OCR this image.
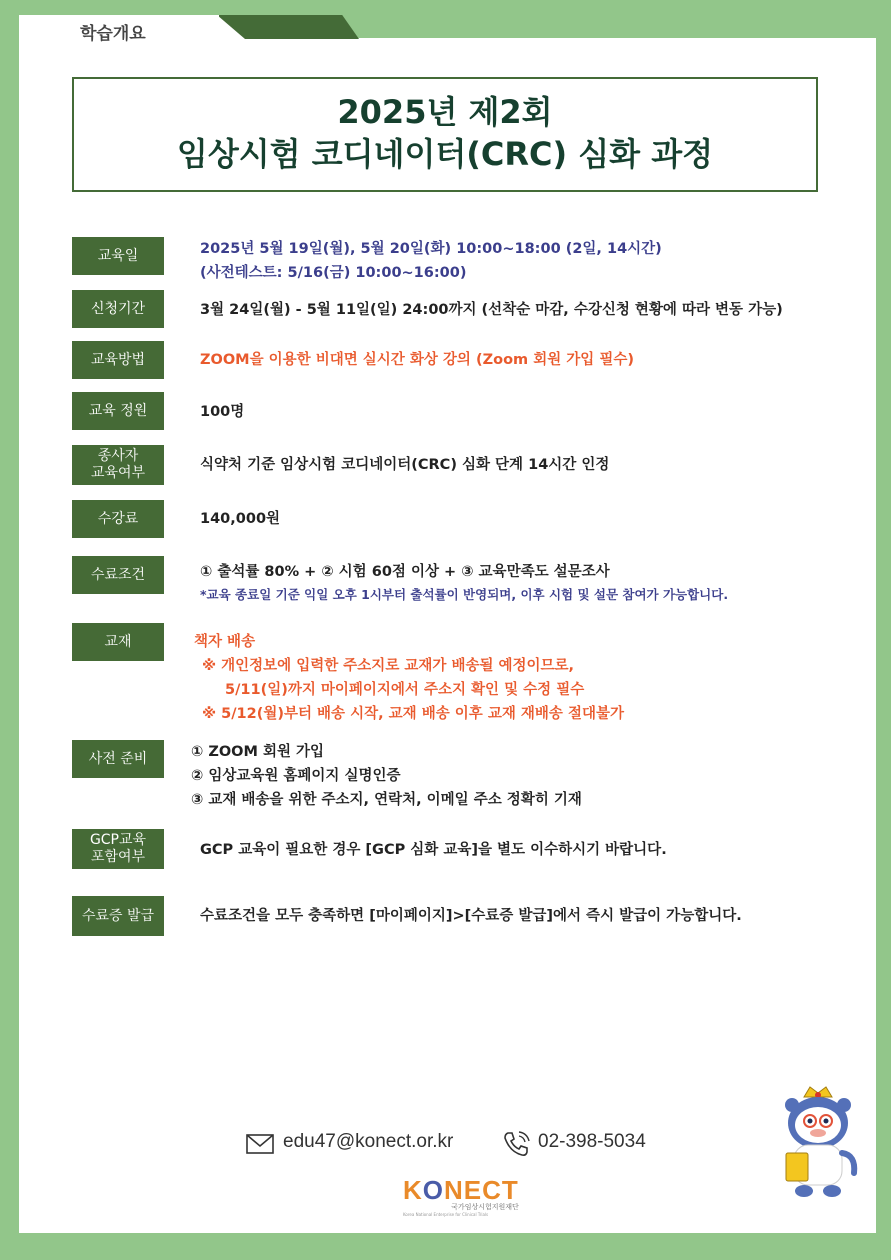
학습개요
2025년 제2회
임상시험 코디네이터(CRC) 심화 과정
교육일	2025년 5월 19일(월), 5월 20일(화) 10:00~18:00 (2일, 14시간)
(사전테스트: 5/16(금) 10:00~16:00)
신청기간	3월 24일(월) - 5월 11일(일) 24:00까지 (선착순 마감, 수강신청 현황에 따라 변동 가능)
교육방법	ZOOM을 이용한 비대면 실시간 화상 강의 (Zoom 회원 가입 필수)
교육 정원	100명
종사자
교육여부	식약처 기준 임상시험 코디네이터(CRC) 심화 단계 14시간 인정
수강료	140,000원
수료조건	① 출석률 80% + ② 시험 60점 이상 + ③ 교육만족도 설문조사
*교육 종료일 기준 익일 오후 1시부터 출석률이 반영되며, 이후 시험 및 설문 참여가 가능합니다.
교재	책자 배송
※ 개인정보에 입력한 주소지로 교재가 배송될 예정이므로,
5/11(일)까지 마이페이지에서 주소지 확인 및 수정 필수
※ 5/12(월)부터 배송 시작, 교재 배송 이후 교재 재배송 절대불가
사전 준비	① ZOOM 회원 가입
② 임상교육원 홈페이지 실명인증
③ 교재 배송을 위한 주소지, 연락처, 이메일 주소 정확히 기재
GCP교육
포함여부	GCP 교육이 필요한 경우 [GCP 심화 교육]을 별도 이수하시기 바랍니다.
수료증 발급	수료조건을 모두 충족하면 [마이페이지]>[수료증 발급]에서 즉시 발급이 가능합니다.
edu47@konect.or.kr	02-398-5034
KONECT
국가임상시험지원재단
Korea National Enterprise for Clinical Trials
